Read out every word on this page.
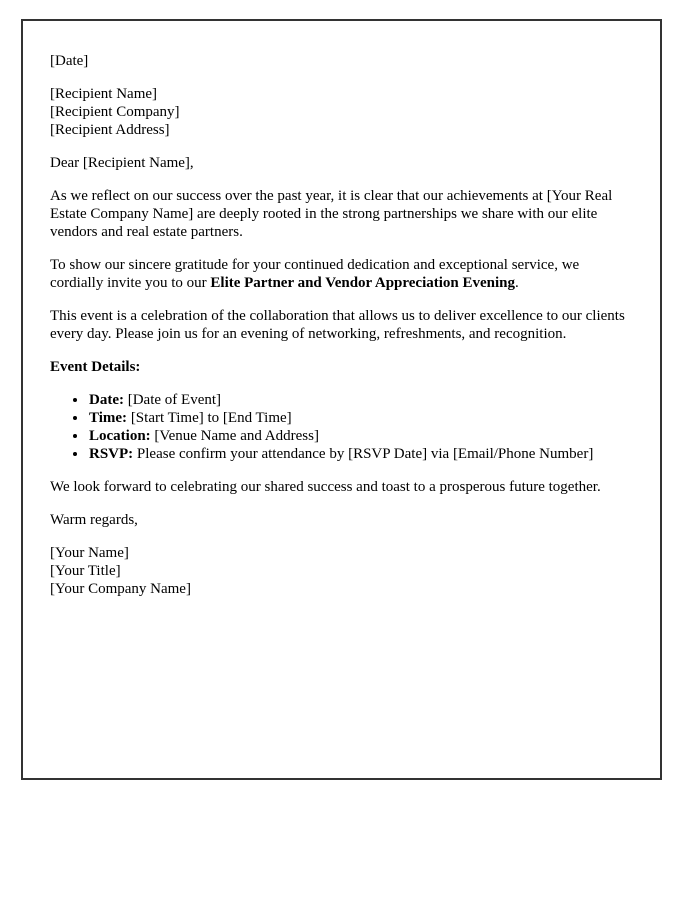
[Date]

[Recipient Name]
[Recipient Company]
[Recipient Address]

Dear [Recipient Name],

As we reflect on our success over the past year, it is clear that our achievements at [Your Real Estate Company Name] are deeply rooted in the strong partnerships we share with our elite vendors and real estate partners.

To show our sincere gratitude for your continued dedication and exceptional service, we cordially invite you to our Elite Partner and Vendor Appreciation Evening.

This event is a celebration of the collaboration that allows us to deliver excellence to our clients every day. Please join us for an evening of networking, refreshments, and recognition.

Event Details:

• Date: [Date of Event]
• Time: [Start Time] to [End Time]
• Location: [Venue Name and Address]
• RSVP: Please confirm your attendance by [RSVP Date] via [Email/Phone Number]

We look forward to celebrating our shared success and toast to a prosperous future together.

Warm regards,

[Your Name]
[Your Title]
[Your Company Name]
